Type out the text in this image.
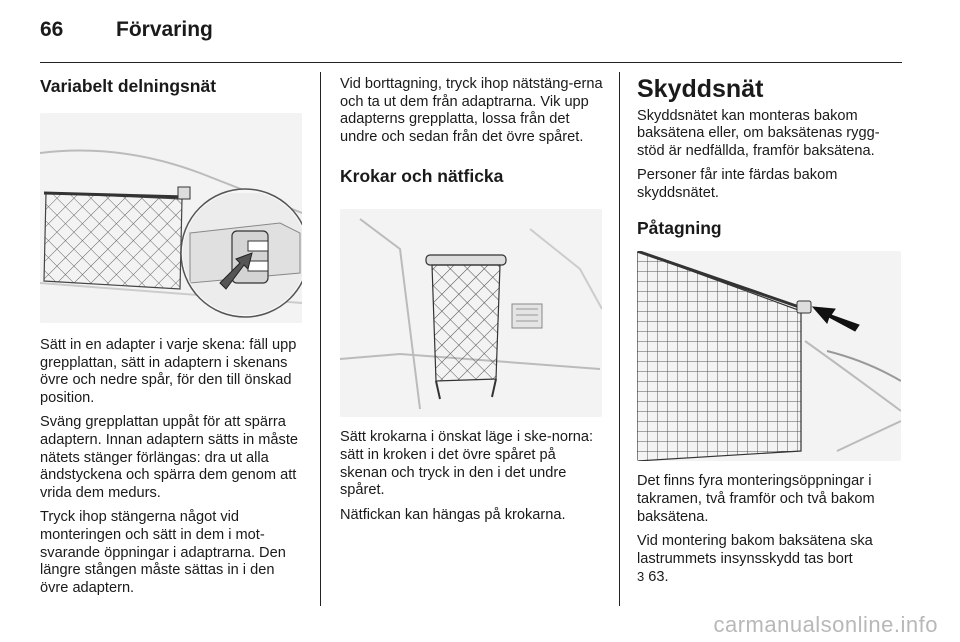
66	Förvaring
Variabelt delningsnät

Sätt in en adapter i varje skena: fäll upp grepplattan, sätt in adaptern i skenans övre och nedre spår, för den till önskad position.

Sväng grepplattan uppåt för att spärra adaptern. Innan adaptern sätts in måste nätets stänger förlängas: dra ut alla ändstyckena och spärra dem genom att vrida dem medurs.

Tryck ihop stängerna något vid monteringen och sätt in dem i mot-svarande öppningar i adaptrarna. Den längre stången måste sättas in i den övre adaptern.

Vid borttagning, tryck ihop nätstäng-erna och ta ut dem från adaptrarna. Vik upp adapterns grepplatta, lossa från det undre och sedan från det övre spåret.

Krokar och nätficka

Sätt krokarna i önskat läge i ske-norna: sätt in kroken i det övre spåret på skenan och tryck in den i det undre spåret.

Nätfickan kan hängas på krokarna.

Skyddsnät

Skyddsnätet kan monteras bakom baksätena eller, om baksätenas rygg-stöd är nedfällda, framför baksätena.

Personer får inte färdas bakom skyddsnätet.

Påtagning

Det finns fyra monteringsöppningar i takramen, två framför och två bakom baksätena.

Vid montering bakom baksätena ska lastrummets insynsskydd tas bort
3 63.

carmanualsonline.info
